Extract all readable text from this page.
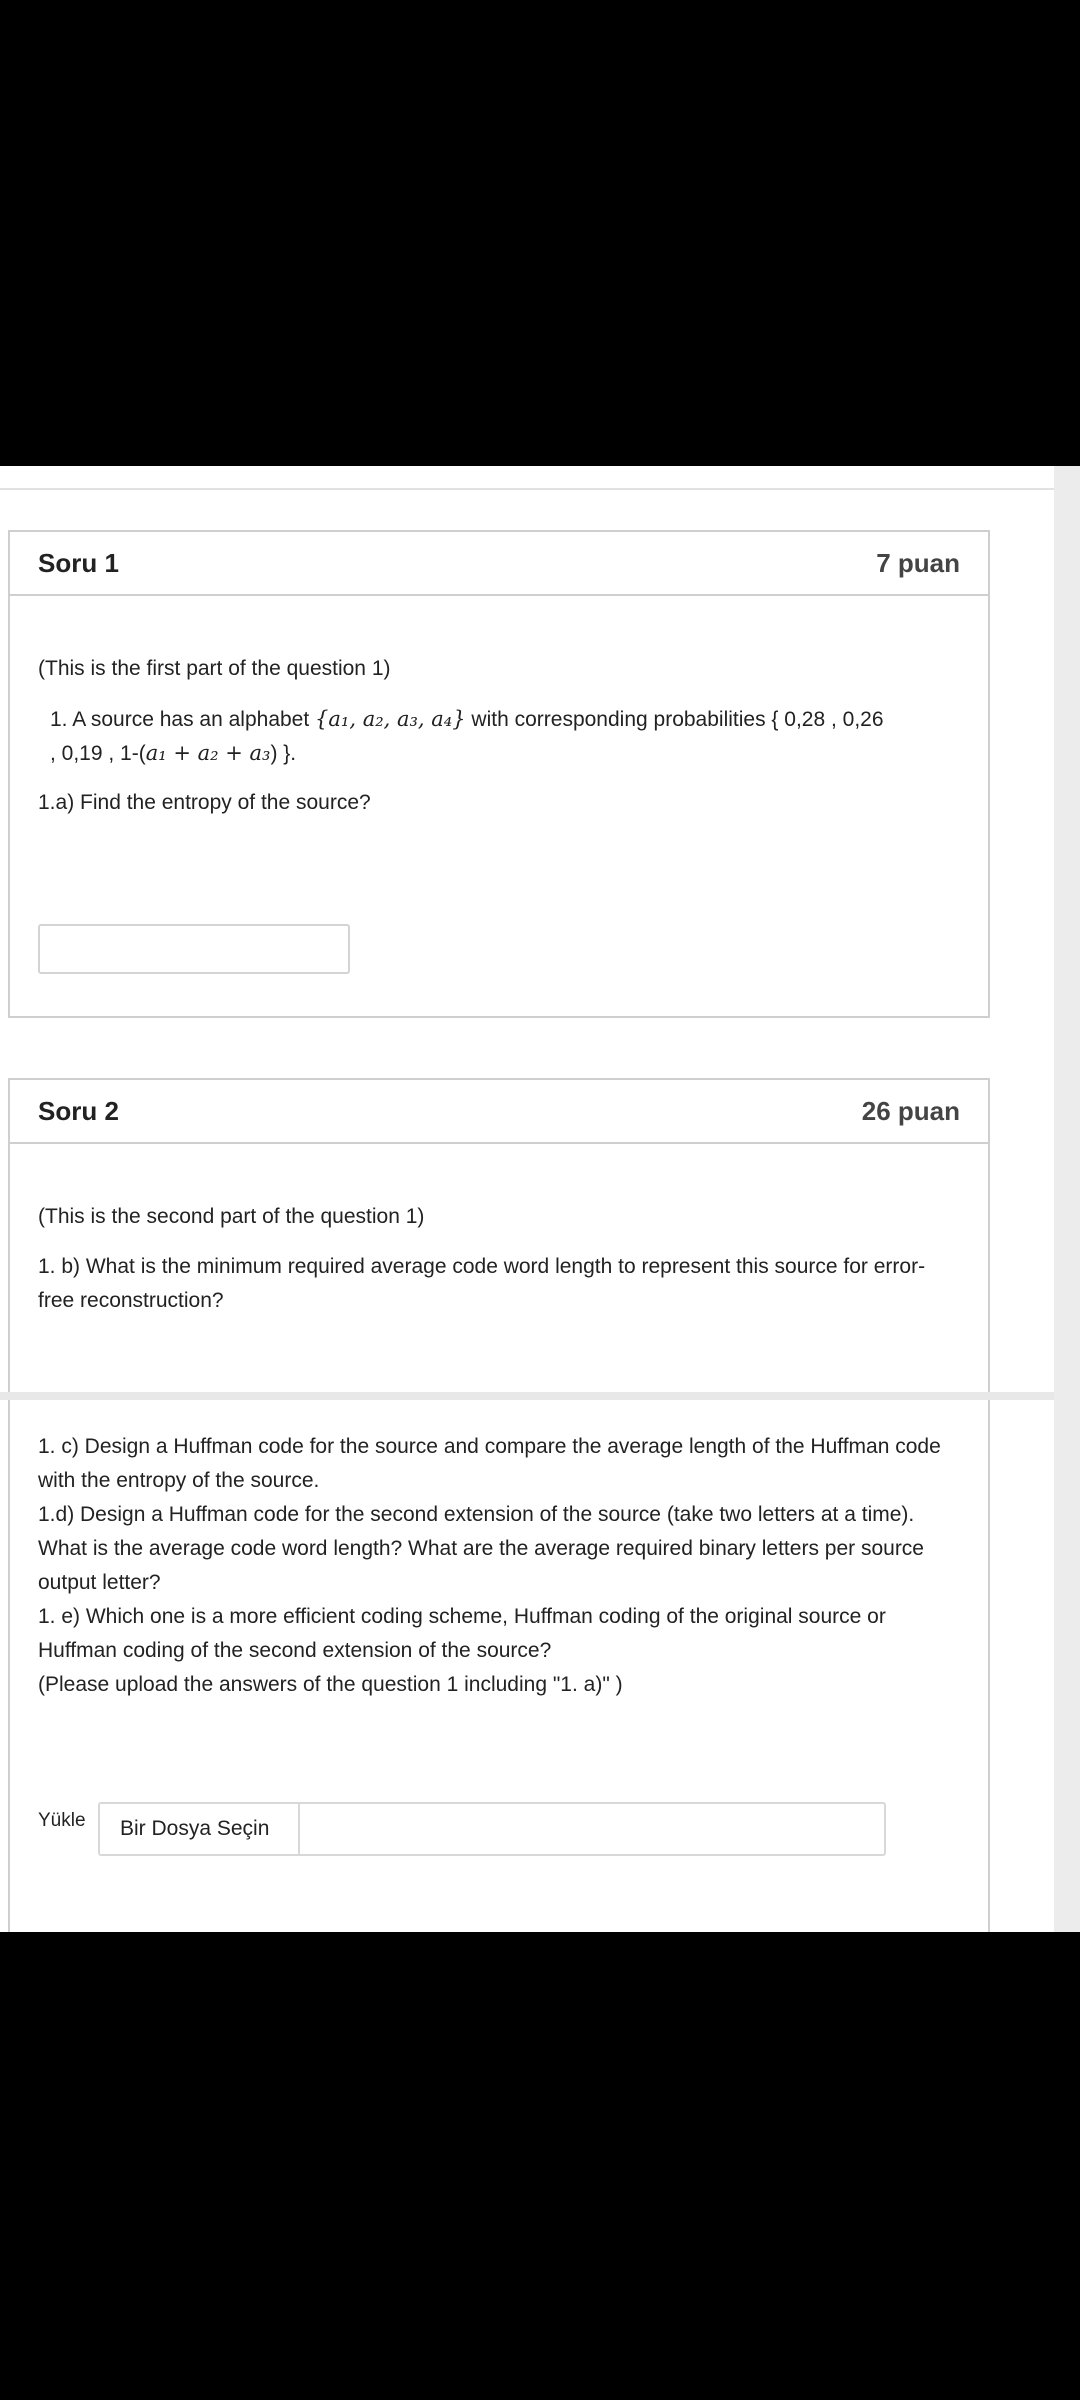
Soru 1	7 puan
(This is the first part of the question 1)
1. A source has an alphabet {a₁, a₂, a₃, a₄} with corresponding probabilities { 0,28 , 0,26
, 0,19 , 1-(a₁ + a₂ + a₃) }.
1.a) Find the entropy of the source?
Soru 2	26 puan
(This is the second part of the question 1)
1. b) What is the minimum required average code word length to represent this source for error-free reconstruction?
1. c) Design a Huffman code for the source and compare the average length of the Huffman code with the entropy of the source.
1.d) Design a Huffman code for the second extension of the source (take two letters at a time). What is the average code word length? What are the average required binary letters per source output letter?
1. e) Which one is a more efficient coding scheme, Huffman coding of the original source or Huffman coding of the second extension of the source?
(Please upload the answers of the question 1 including "1. a)" )
Yükle	Bir Dosya Seçin
